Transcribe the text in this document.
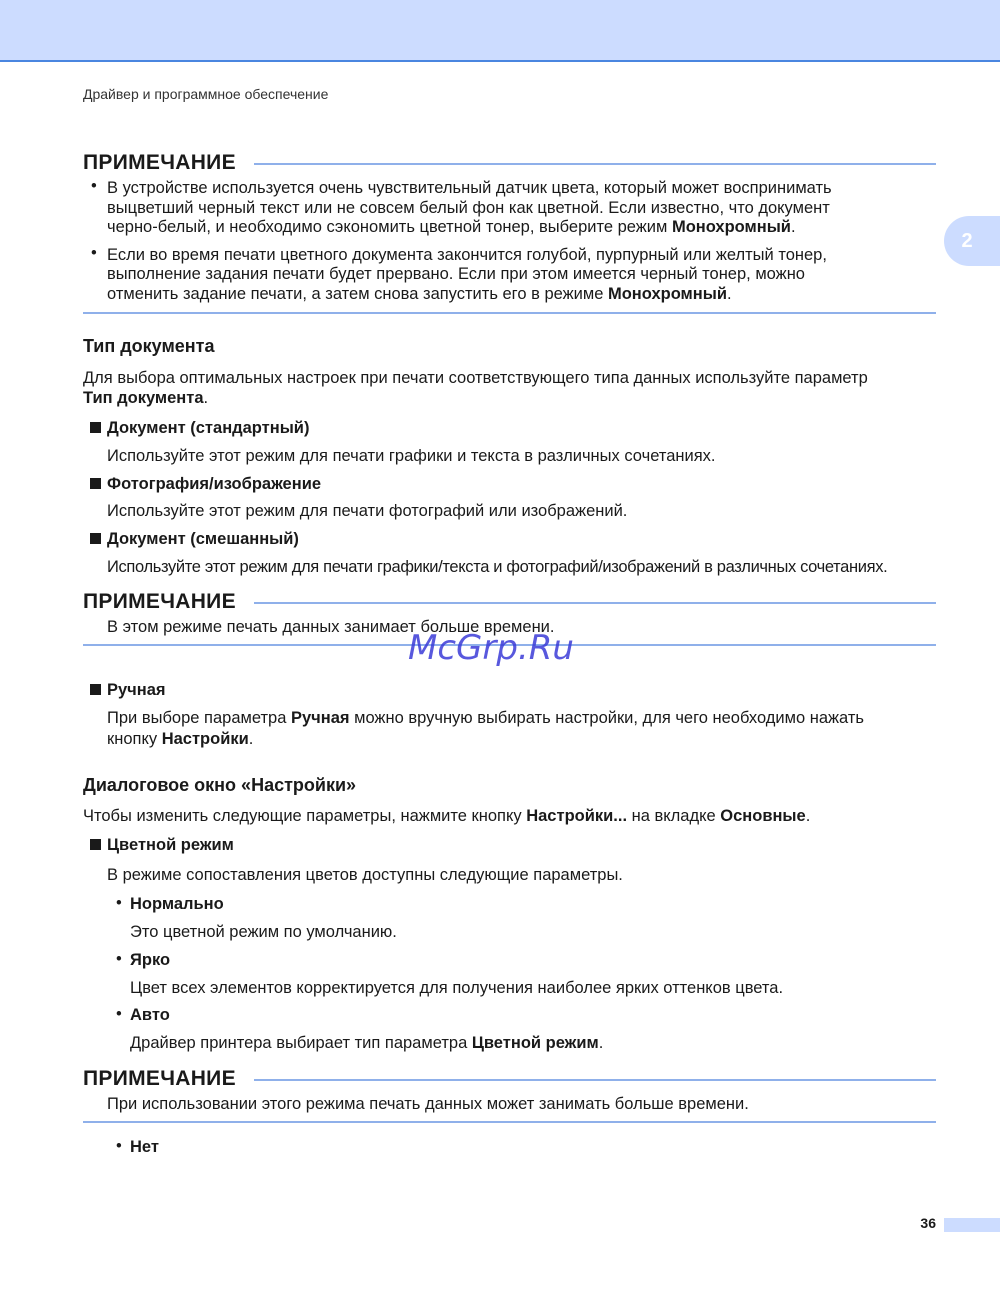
Драйвер и программное обеспечение
2
ПРИМЕЧАНИЕ
• В устройстве используется очень чувствительный датчик цвета, который может воспринимать
выцветший черный текст или не совсем белый фон как цветной. Если известно, что документ
черно-белый, и необходимо сэкономить цветной тонер, выберите режим Монохромный.
• Если во время печати цветного документа закончится голубой, пурпурный или желтый тонер,
выполнение задания печати будет прервано. Если при этом имеется черный тонер, можно
отменить задание печати, а затем снова запустить его в режиме Монохромный.
Тип документа
Для выбора оптимальных настроек при печати соответствующего типа данных используйте параметр
Тип документа.
Документ (стандартный)
Используйте этот режим для печати графики и текста в различных сочетаниях.
Фотография/изображение
Используйте этот режим для печати фотографий или изображений.
Документ (смешанный)
Используйте этот режим для печати графики/текста и фотографий/изображений в различных сочетаниях.
ПРИМЕЧАНИЕ
В этом режиме печать данных занимает больше времени.
McGrp.Ru
Ручная
При выборе параметра Ручная можно вручную выбирать настройки, для чего необходимо нажать
кнопку Настройки.
Диалоговое окно «Настройки»
Чтобы изменить следующие параметры, нажмите кнопку Настройки... на вкладке Основные.
Цветной режим
В режиме сопоставления цветов доступны следующие параметры.
• Нормально
Это цветной режим по умолчанию.
• Ярко
Цвет всех элементов корректируется для получения наиболее ярких оттенков цвета.
• Авто
Драйвер принтера выбирает тип параметра Цветной режим.
ПРИМЕЧАНИЕ
При использовании этого режима печать данных может занимать больше времени.
• Нет
36
